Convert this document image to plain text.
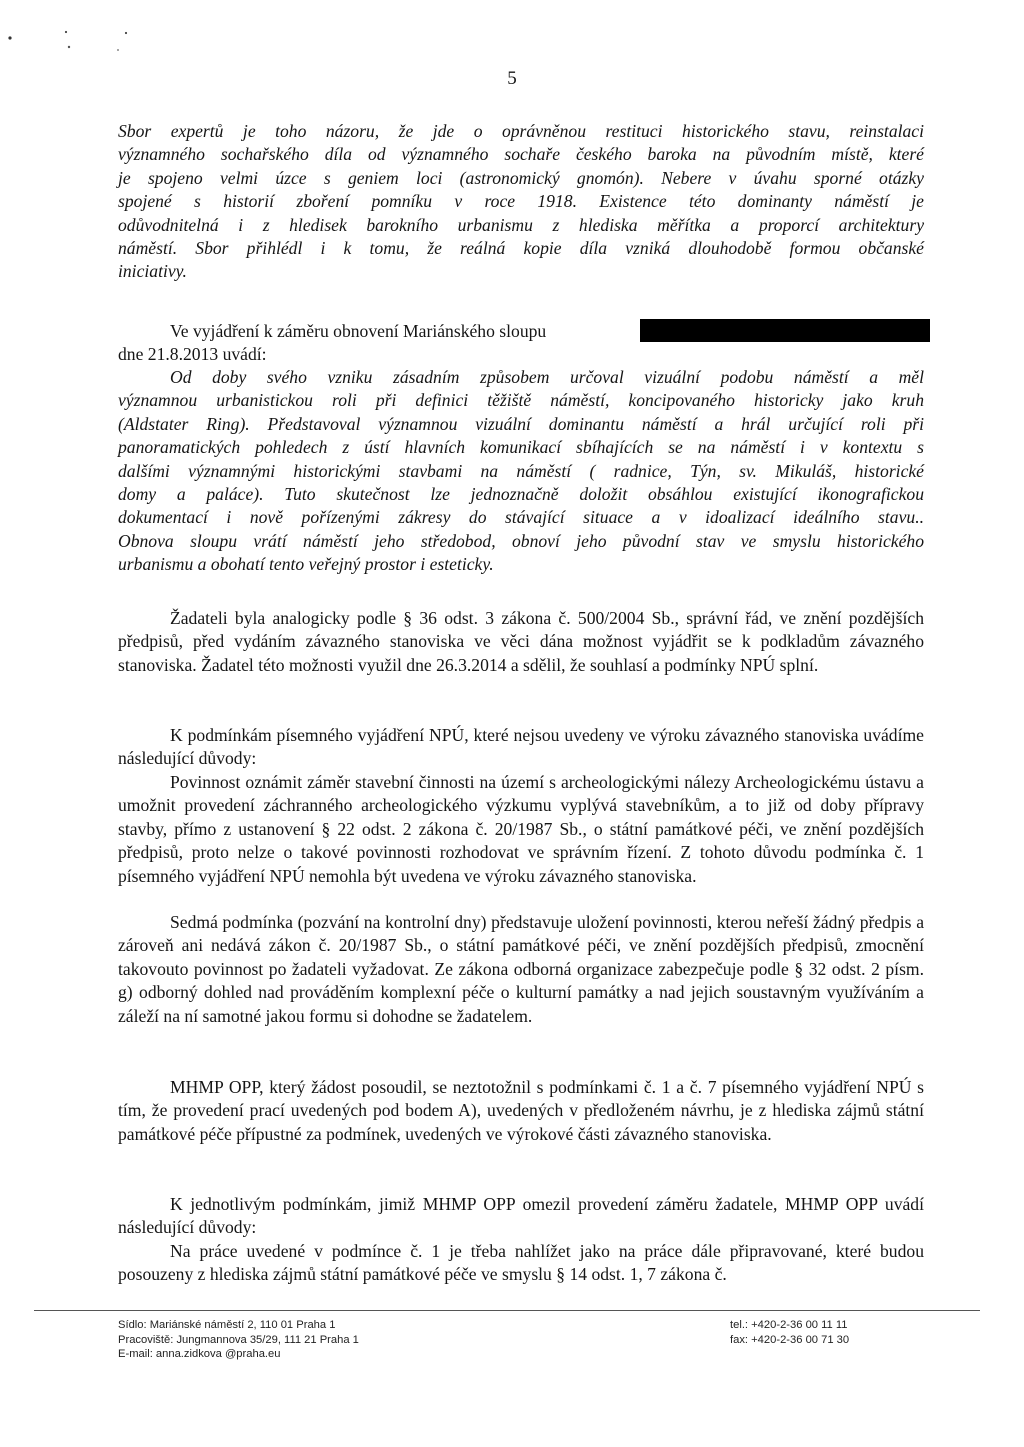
5
Sbor expertů je toho názoru, že jde o oprávněnou restituci historického stavu, reinstalaci
významného sochařského díla od významného sochaře českého baroka na původním místě, které
je spojeno velmi úzce s geniem loci (astronomický gnomón). Nebere v úvahu sporné otázky
spojené s historií zboření pomníku v roce 1918. Existence této dominanty náměstí je
odůvodnitelná i z hledisek barokního urbanismu z hlediska měřítka a proporcí architektury
náměstí. Sbor přihlédl i k tomu, že reálná kopie díla vzniká dlouhodobě formou občanské
iniciativy.
Ve vyjádření k záměru obnovení Mariánského sloupu
dne 21.8.2013 uvádí:
Od doby svého vzniku zásadním způsobem určoval vizuální podobu náměstí a měl
významnou urbanistickou roli při definici těžiště náměstí, koncipovaného historicky jako kruh
(Aldstater Ring). Představoval významnou vizuální dominantu náměstí a hrál určující roli při
panoramatických pohledech z ústí hlavních komunikací sbíhajících se na náměstí i v kontextu s
dalšími významnými historickými stavbami na náměstí ( radnice, Týn, sv. Mikuláš, historické
domy a paláce). Tuto skutečnost lze jednoznačně doložit obsáhlou existující ikonografickou
dokumentací i nově pořízenými zákresy do stávající situace a v idoalizací ideálního stavu..
Obnova sloupu vrátí náměstí jeho středobod, obnoví jeho původní stav ve smyslu historického
urbanismu a obohatí tento veřejný prostor i esteticky.
Žadateli byla analogicky podle § 36 odst. 3 zákona č. 500/2004 Sb., správní řád, ve znění pozdějších předpisů, před vydáním závazného stanoviska ve věci dána možnost vyjádřit se k podkladům závazného stanoviska. Žadatel této možnosti využil dne 26.3.2014 a sdělil, že souhlasí a podmínky NPÚ splní.
K podmínkám písemného vyjádření NPÚ, které nejsou uvedeny ve výroku závazného stanoviska uvádíme následující důvody:
Povinnost oznámit záměr stavební činnosti na území s archeologickými nálezy Archeologickému ústavu a umožnit provedení záchranného archeologického výzkumu vyplývá stavebníkům, a to již od doby přípravy stavby, přímo z ustanovení § 22 odst. 2 zákona č. 20/1987 Sb., o státní památkové péči, ve znění pozdějších předpisů, proto nelze o takové povinnosti rozhodovat ve správním řízení. Z tohoto důvodu podmínka č. 1 písemného vyjádření NPÚ nemohla být uvedena ve výroku závazného stanoviska.
Sedmá podmínka (pozvání na kontrolní dny) představuje uložení povinnosti, kterou neřeší žádný předpis a zároveň ani nedává zákon č. 20/1987 Sb., o státní památkové péči, ve znění pozdějších předpisů, zmocnění takovouto povinnost po žadateli vyžadovat. Ze zákona odborná organizace zabezpečuje podle § 32 odst. 2 písm. g) odborný dohled nad prováděním komplexní péče o kulturní památky a nad jejich soustavným využíváním a záleží na ní samotné jakou formu si dohodne se žadatelem.
MHMP OPP, který žádost posoudil, se neztotožnil s podmínkami č. 1 a č. 7 písemného vyjádření NPÚ s tím, že provedení prací uvedených pod bodem A), uvedených v předloženém návrhu, je z hlediska zájmů státní památkové péče přípustné za podmínek, uvedených ve výrokové části závazného stanoviska.
K jednotlivým podmínkám, jimiž MHMP OPP omezil provedení záměru žadatele, MHMP OPP uvádí následující důvody:
Na práce uvedené v podmínce č. 1 je třeba nahlížet jako na práce dále připravované, které budou posouzeny z hlediska zájmů státní památkové péče ve smyslu § 14 odst. 1, 7 zákona č.
Sídlo: Mariánské náměstí 2, 110 01 Praha 1
Pracoviště: Jungmannova 35/29, 111 21 Praha 1
E-mail: anna.zidkova @praha.eu
tel.: +420-2-36 00 11 11
fax: +420-2-36 00 71 30
